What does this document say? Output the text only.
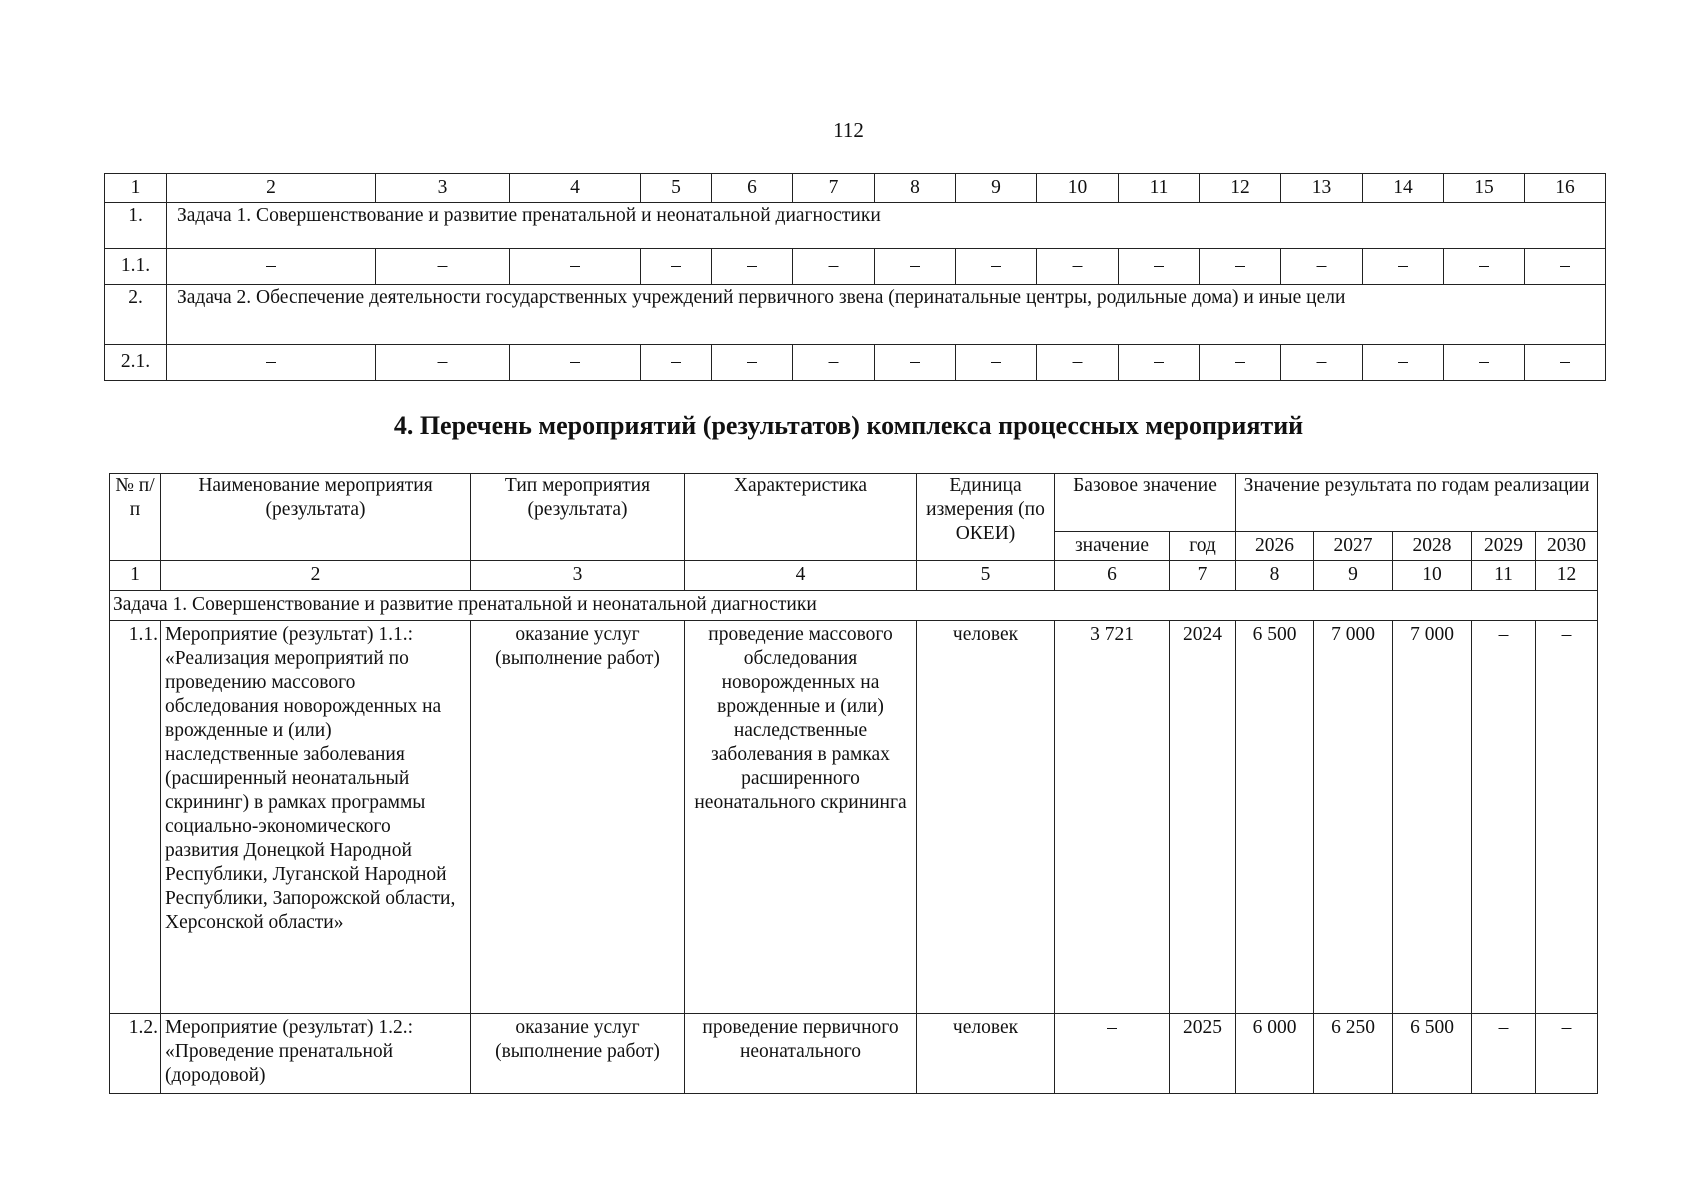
112
1	2	3	4	5	6	7	8	9	10	11	12	13	14	15	16
1.	Задача 1. Совершенствование и развитие пренатальной и неонатальной диагностики														
1.1.	–	–	–	–	–	–	–	–	–	–	–	–	–	–	–
2.	Задача 2. Обеспечение деятельности государственных учреждений первичного звена (перинатальные центры, родильные дома) и иные цели														
2.1.	–	–	–	–	–	–	–	–	–	–	–	–	–	–	–
4. Перечень мероприятий (результатов) комплекса процессных мероприятий
№ п/п	Наименование мероприятия (результата)	Тип мероприятия (результата)	Характеристика	Единица измерения (по ОКЕИ)	Базовое значение		Значение результата по годам реализации				
					значение	год	2026	2027	2028	2029	2030
1	2	3	4	5	6	7	8	9	10	11	12
Задача 1. Совершенствование и развитие пренатальной и неонатальной диагностики											
1.1.	Мероприятие (результат) 1.1.: «Реализация мероприятий по проведению массового обследования новорожденных на врожденные и (или) наследственные заболевания (расширенный неонатальный скрининг) в рамках программы социально-экономического развития Донецкой Народной Республики, Луганской Народной Республики, Запорожской области, Херсонской области»	оказание услуг (выполнение работ)	проведение массового обследования новорожденных на врожденные и (или) наследственные заболевания в рамках расширенного неонатального скрининга	человек	3 721	2024	6 500	7 000	7 000	–	–
1.2.	Мероприятие (результат) 1.2.: «Проведение пренатальной (дородовой)	оказание услуг (выполнение работ)	проведение первичного неонатального	человек	–	2025	6 000	6 250	6 500	–	–
